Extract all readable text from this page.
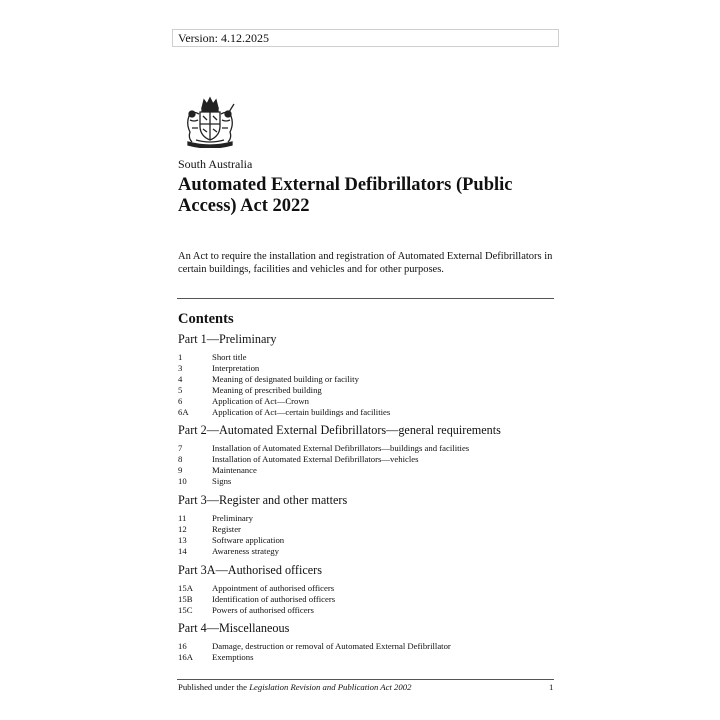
Version: 4.12.2025
South Australia
Automated External Defibrillators (Public Access) Act 2022
An Act to require the installation and registration of Automated External Defibrillators in certain buildings, facilities and vehicles and for other purposes.
Contents
Part 1—Preliminary
1	Short title
3	Interpretation
4	Meaning of designated building or facility
5	Meaning of prescribed building
6	Application of Act—Crown
6A	Application of Act—certain buildings and facilities
Part 2—Automated External Defibrillators—general requirements
7	Installation of Automated External Defibrillators—buildings and facilities
8	Installation of Automated External Defibrillators—vehicles
9	Maintenance
10	Signs
Part 3—Register and other matters
11	Preliminary
12	Register
13	Software application
14	Awareness strategy
Part 3A—Authorised officers
15A	Appointment of authorised officers
15B	Identification of authorised officers
15C	Powers of authorised officers
Part 4—Miscellaneous
16	Damage, destruction or removal of Automated External Defibrillator
16A	Exemptions
Published under the Legislation Revision and Publication Act 2002	1
